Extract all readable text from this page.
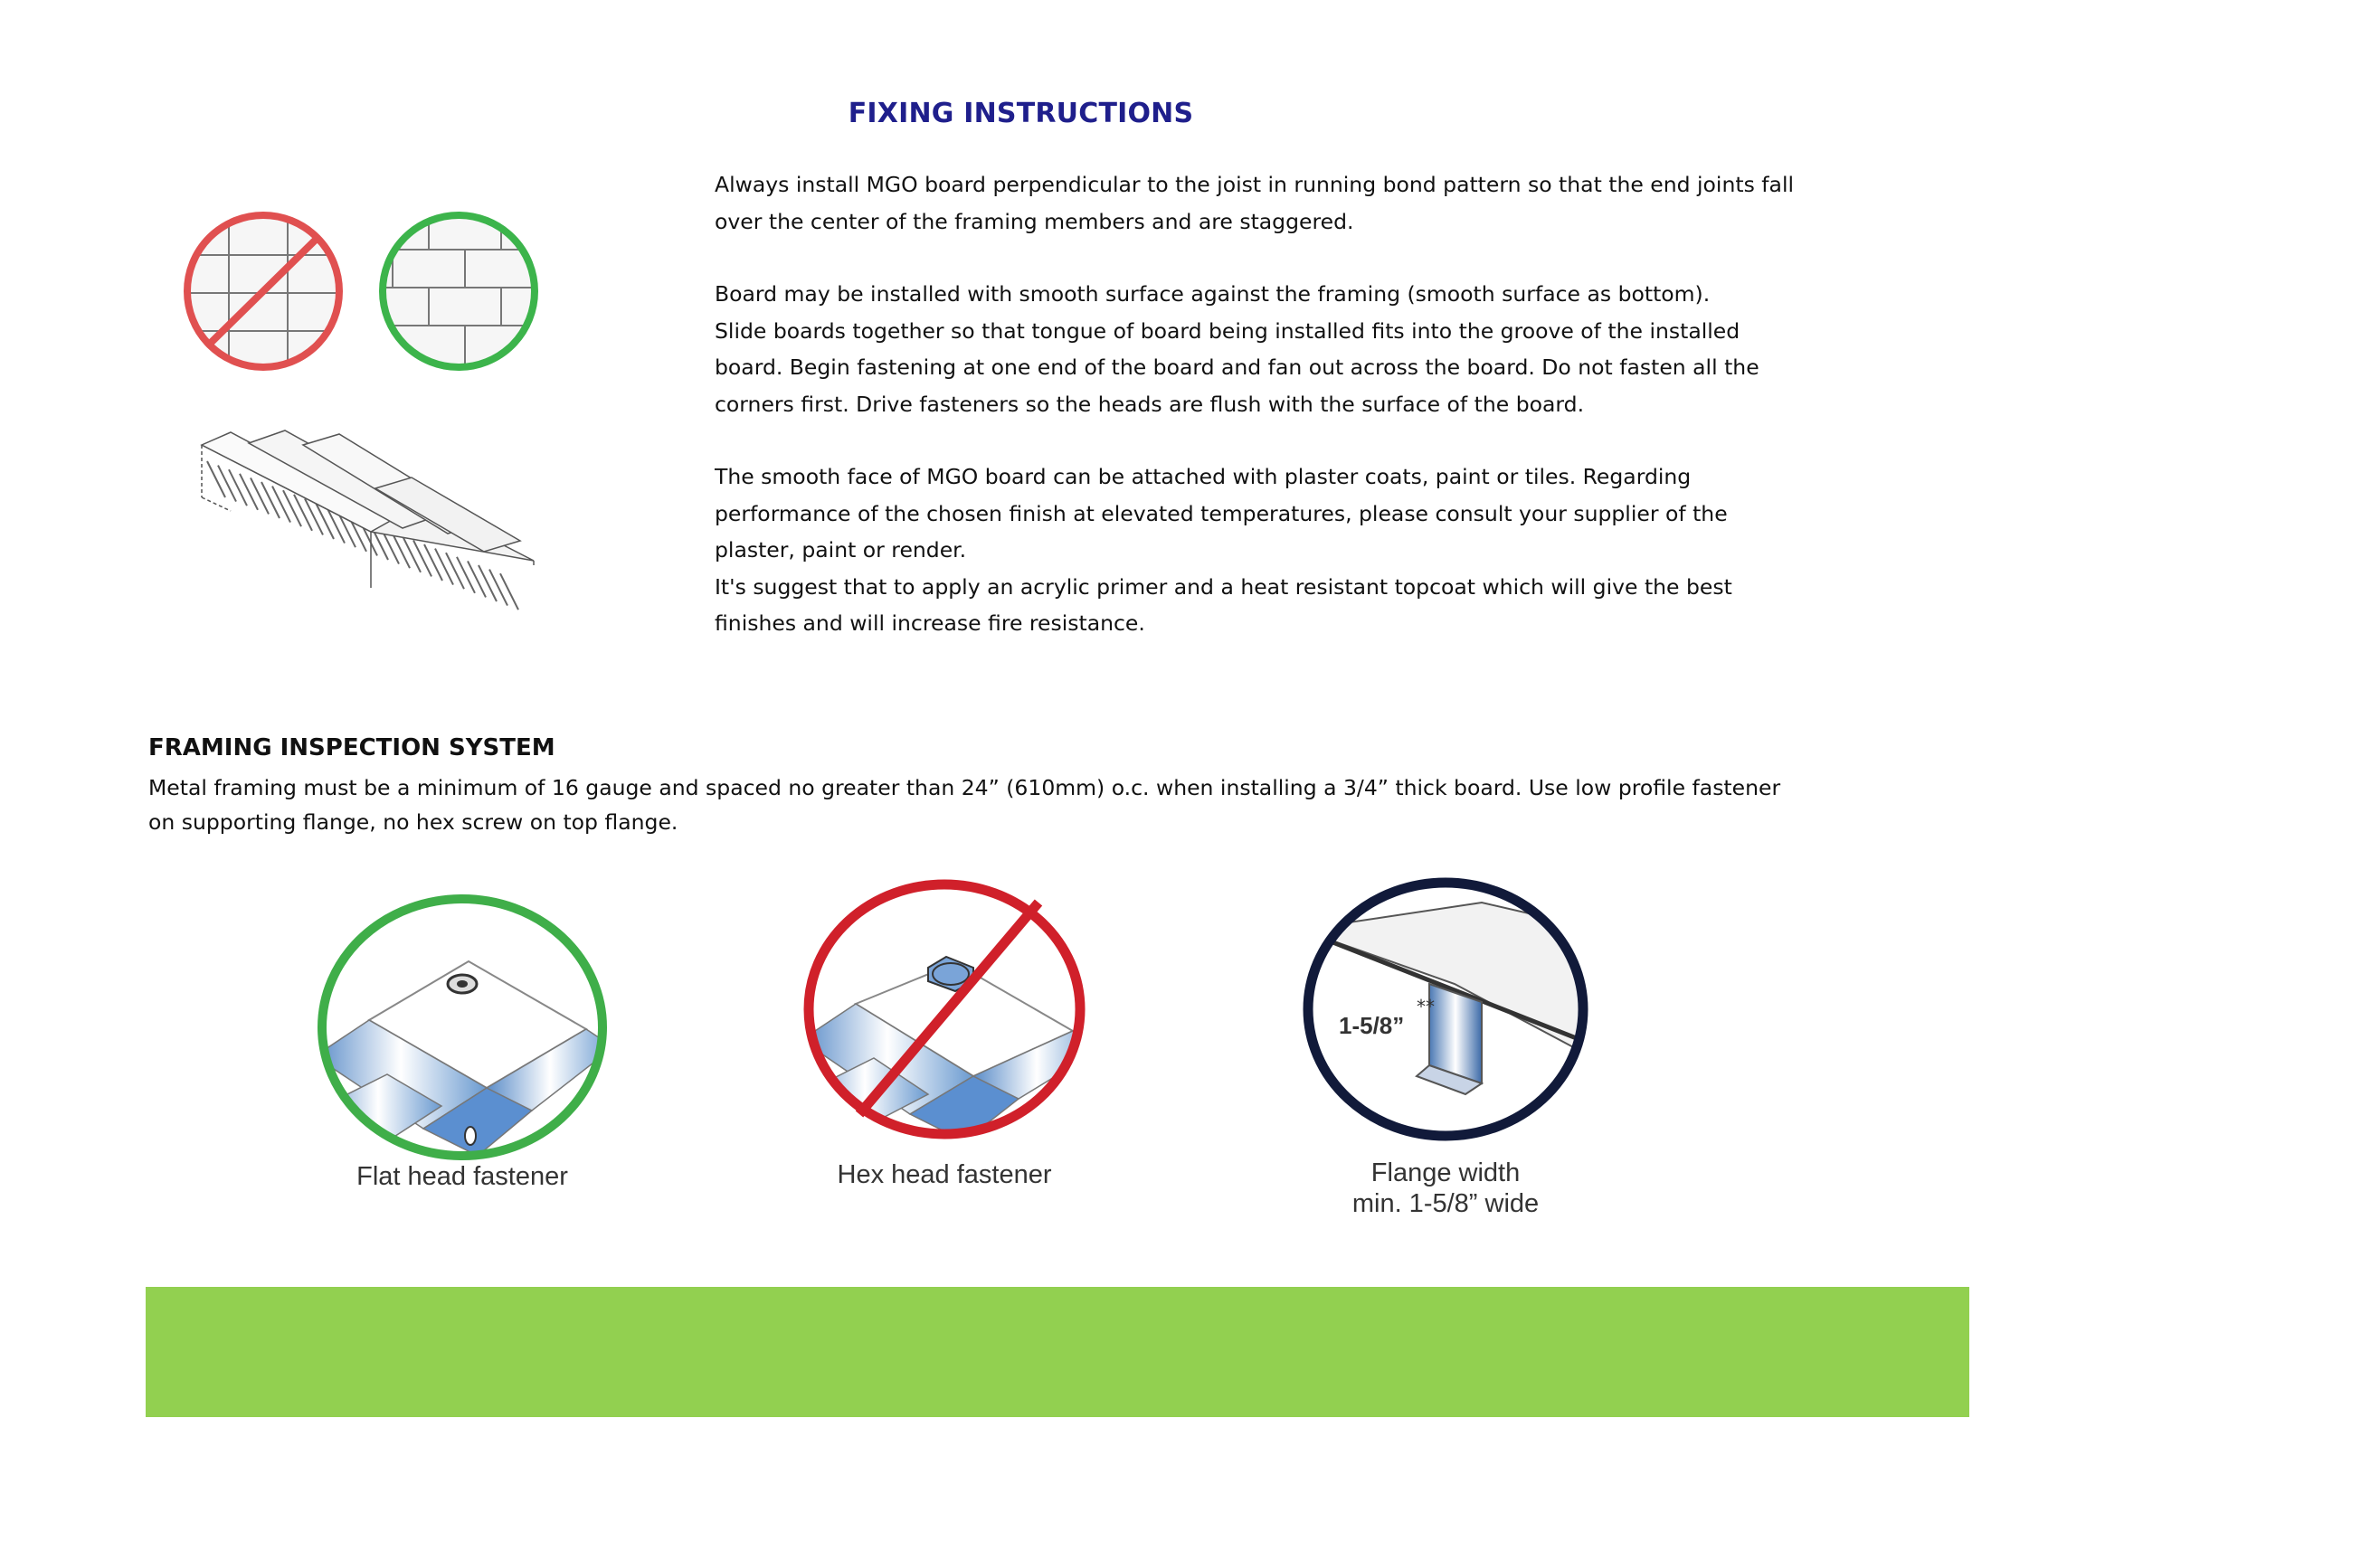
FIXING INSTRUCTIONS
Always install MGO board perpendicular to the joist in running bond pattern so that the end joints fall
over the center of the framing members and are staggered.
Board may be installed with smooth surface against the framing (smooth surface as bottom).
Slide boards together so that tongue of board being installed fits into the groove of the installed
board. Begin fastening at one end of the board and fan out across the board. Do not fasten all the
corners first. Drive fasteners so the heads are flush with the surface of the board.
The smooth face of MGO board can be attached with plaster coats, paint or tiles. Regarding
performance of the chosen finish at elevated temperatures, please consult your supplier of the
plaster, paint or render.
It's suggest that to apply an acrylic primer and a heat resistant topcoat which will give the best
finishes and will increase fire resistance.
FRAMING INSPECTION SYSTEM
Metal framing must be a minimum of 16 gauge and spaced no greater than 24” (610mm) o.c. when installing a 3/4” thick board. Use low profile fastener
on supporting flange, no hex screw on top flange.
Flat head fastener	Hex head fastener
1-5/8”
**
Flange width
min. 1-5/8” wide
